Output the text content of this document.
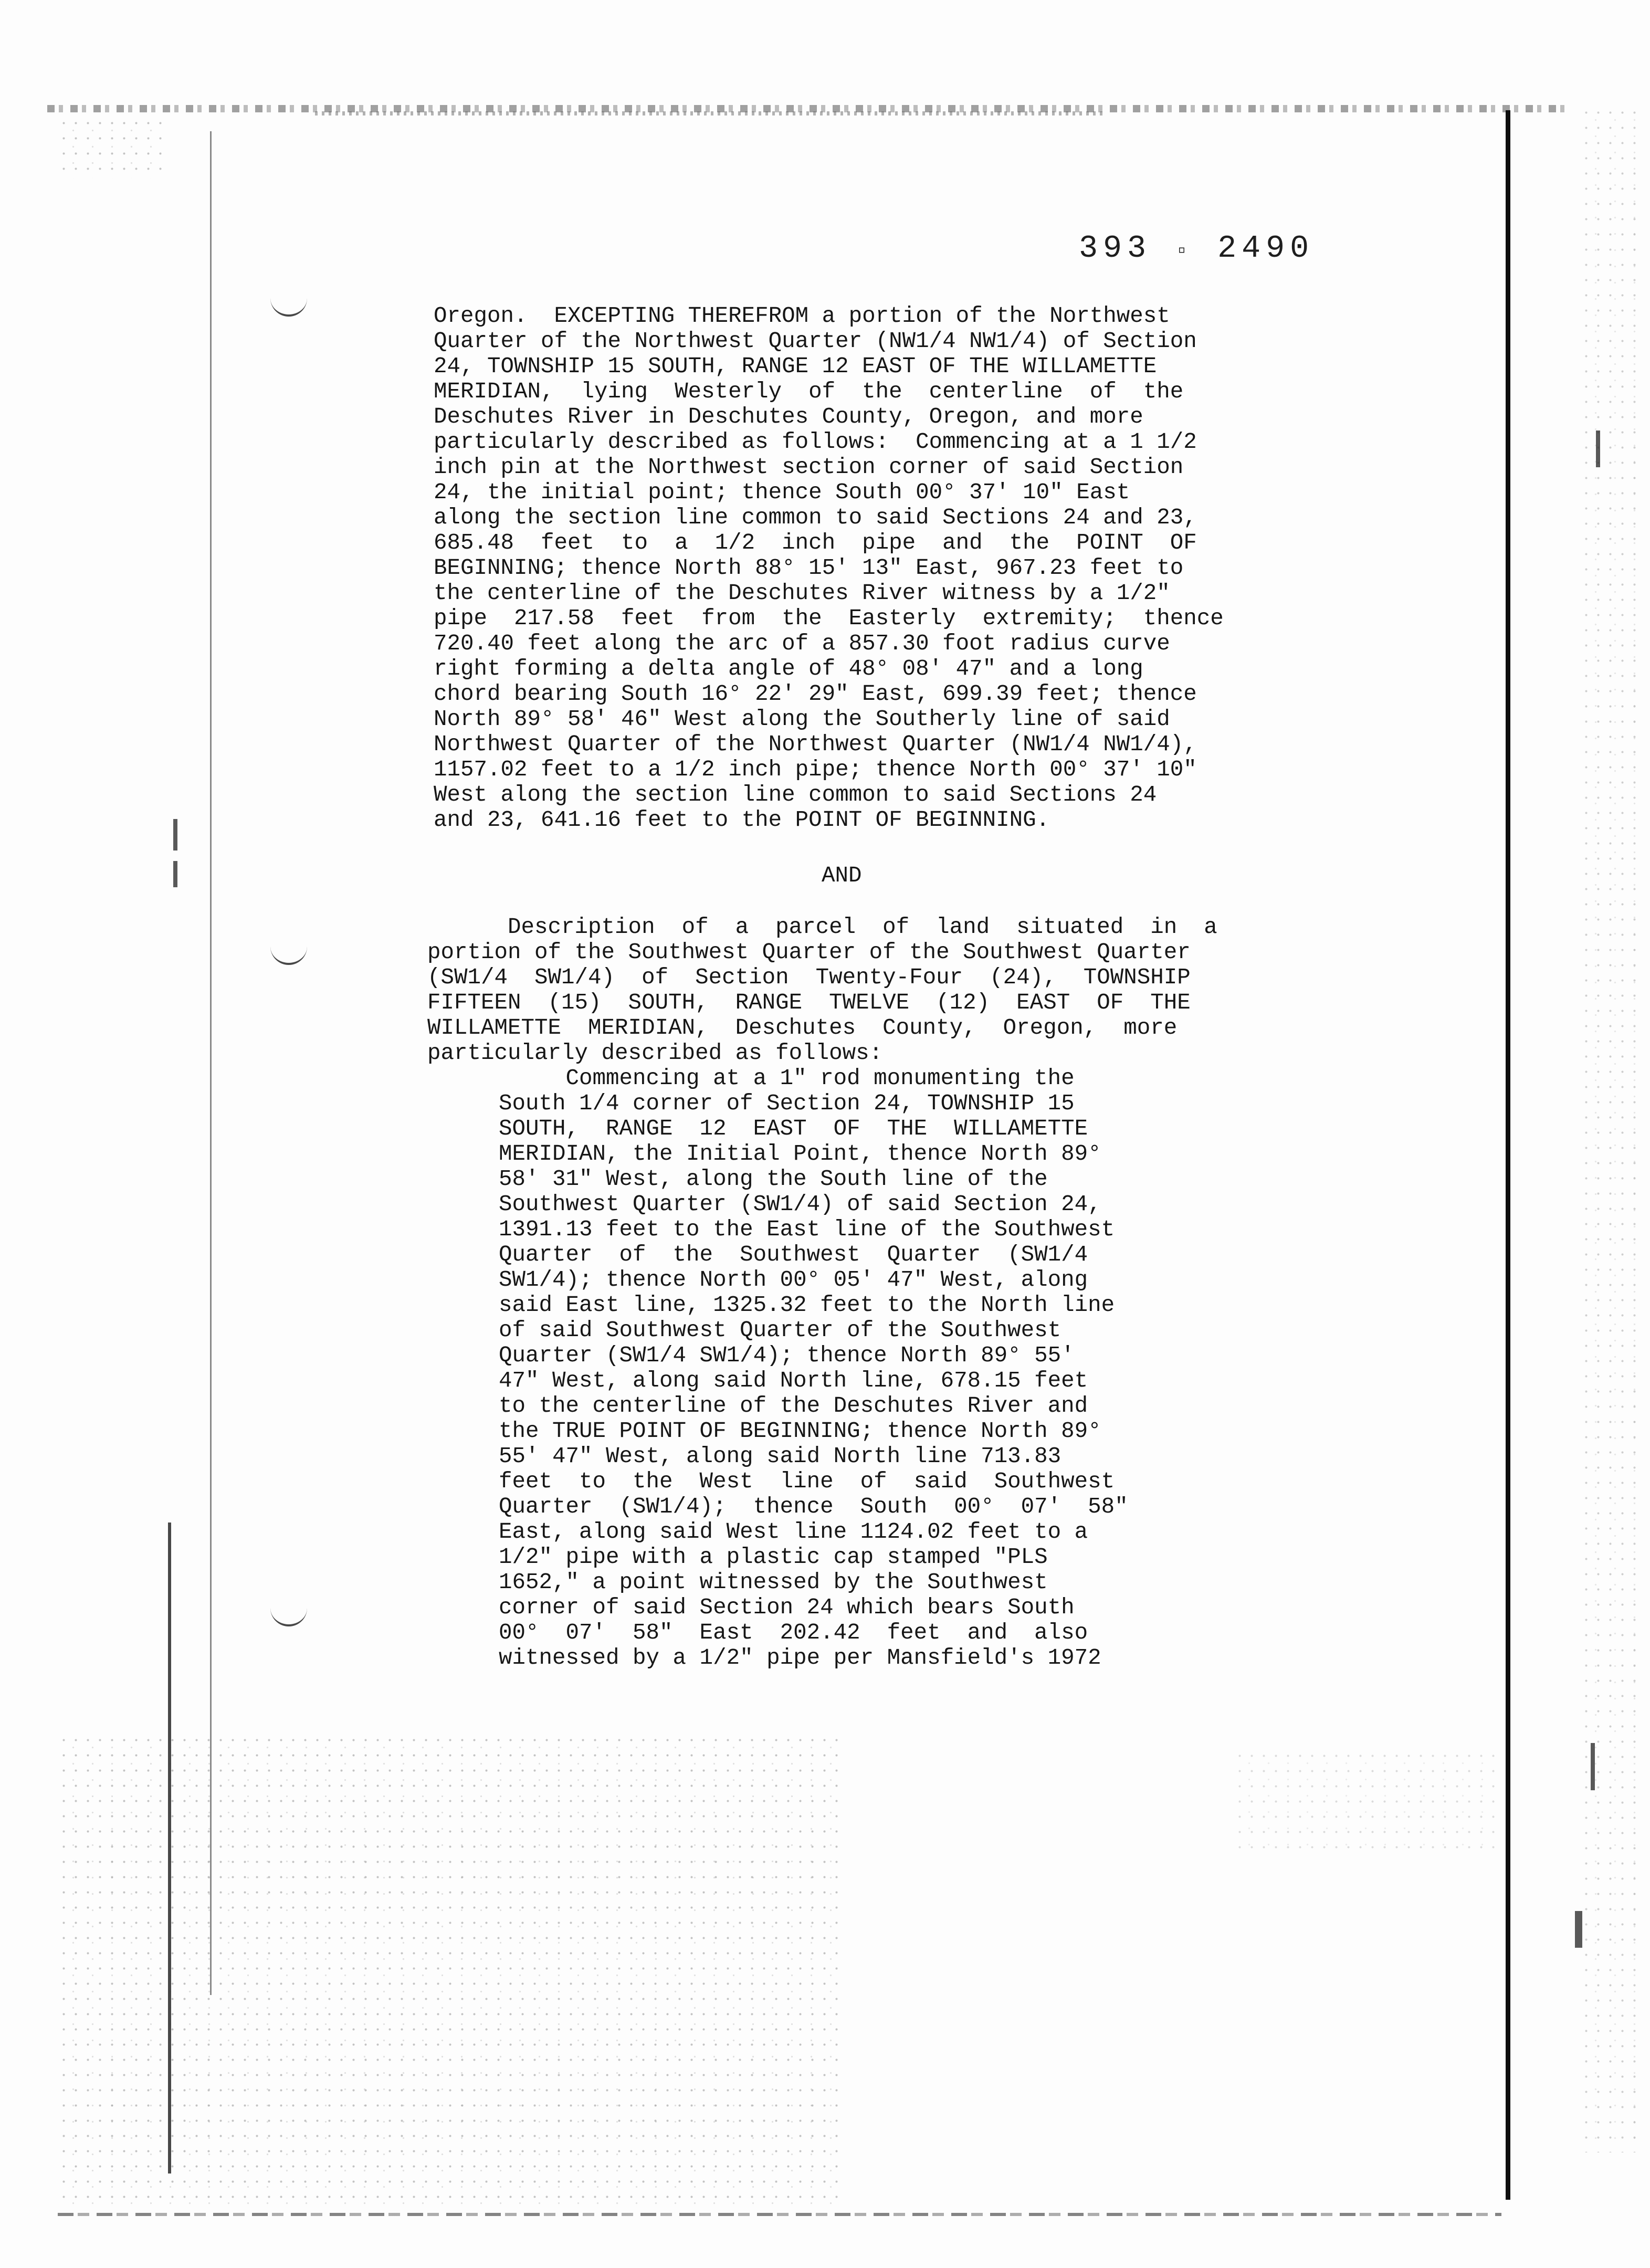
393 ▫ 2490
Oregon.  EXCEPTING THEREFROM a portion of the Northwest
Quarter of the Northwest Quarter (NW1/4 NW1/4) of Section
24, TOWNSHIP 15 SOUTH, RANGE 12 EAST OF THE WILLAMETTE
MERIDIAN,  lying  Westerly  of  the  centerline  of  the
Deschutes River in Deschutes County, Oregon, and more
particularly described as follows:  Commencing at a 1 1/2
inch pin at the Northwest section corner of said Section
24, the initial point; thence South 00° 37' 10" East
along the section line common to said Sections 24 and 23,
685.48  feet  to  a  1/2  inch  pipe  and  the  POINT  OF
BEGINNING; thence North 88° 15' 13" East, 967.23 feet to
the centerline of the Deschutes River witness by a 1/2"
pipe  217.58  feet  from  the  Easterly  extremity;  thence
720.40 feet along the arc of a 857.30 foot radius curve
right forming a delta angle of 48° 08' 47" and a long
chord bearing South 16° 22' 29" East, 699.39 feet; thence
North 89° 58' 46" West along the Southerly line of said
Northwest Quarter of the Northwest Quarter (NW1/4 NW1/4),
1157.02 feet to a 1/2 inch pipe; thence North 00° 37' 10"
West along the section line common to said Sections 24
and 23, 641.16 feet to the POINT OF BEGINNING.
AND
Description  of  a  parcel  of  land  situated  in  a
portion of the Southwest Quarter of the Southwest Quarter
(SW1/4  SW1/4)  of  Section  Twenty-Four  (24),  TOWNSHIP
FIFTEEN  (15)  SOUTH,  RANGE  TWELVE  (12)  EAST  OF  THE
WILLAMETTE  MERIDIAN,  Deschutes  County,  Oregon,  more
particularly described as follows:
Commencing at a 1" rod monumenting the
South 1/4 corner of Section 24, TOWNSHIP 15
SOUTH,  RANGE  12  EAST  OF  THE  WILLAMETTE
MERIDIAN, the Initial Point, thence North 89°
58' 31" West, along the South line of the
Southwest Quarter (SW1/4) of said Section 24,
1391.13 feet to the East line of the Southwest
Quarter  of  the  Southwest  Quarter  (SW1/4
SW1/4); thence North 00° 05' 47" West, along
said East line, 1325.32 feet to the North line
of said Southwest Quarter of the Southwest
Quarter (SW1/4 SW1/4); thence North 89° 55'
47" West, along said North line, 678.15 feet
to the centerline of the Deschutes River and
the TRUE POINT OF BEGINNING; thence North 89°
55' 47" West, along said North line 713.83
feet  to  the  West  line  of  said  Southwest
Quarter  (SW1/4);  thence  South  00°  07'  58"
East, along said West line 1124.02 feet to a
1/2" pipe with a plastic cap stamped "PLS
1652," a point witnessed by the Southwest
corner of said Section 24 which bears South
00°  07'  58"  East  202.42  feet  and  also
witnessed by a 1/2" pipe per Mansfield's 1972
